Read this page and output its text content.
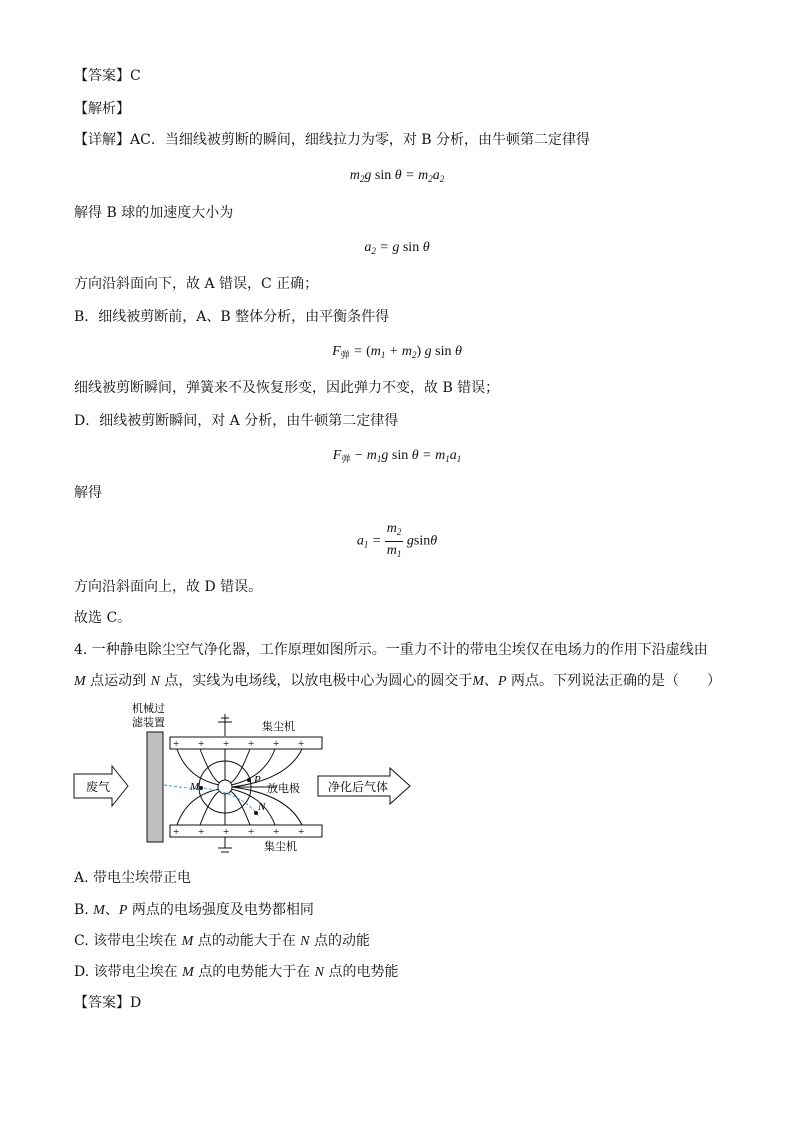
【答案】C
【解析】
【详解】AC．当细线被剪断的瞬间，细线拉力为零，对 B 分析，由牛顿第二定律得
$m_2g$ $\sin \theta = m_2a_2$
解得 B 球的加速度大小为
$a_2 = g$ sin θ
方向沿斜面向下，故 A 错误，C 正确；
B．细线被剪断前，A、B 整体分析，由平衡条件得
$F_弹 = (m_1 + m_2)$ g sin θ
细线被剪断瞬间，弹簧来不及恢复形变，因此弹力不变，故 B 错误；
D．细线被剪断瞬间，对 A 分析，由牛顿第二定律得
$F_弹 - m_1g$ $\sin \theta = m_1a_1$
解得
$a_1 = \frac{m_2}{m_1}$ gsinθ
方向沿斜面向上，故 D 错误。
故选 C。
4. 一种静电除尘空气净化器，工作原理如图所示。一重力不计的带电尘埃仅在电场力的作用下沿虚线由
M 点运动到 N 点，实线为电场线，以放电极中心为圆心的圆交于M、P 两点。下列说法正确的是（　　）
机械过
滤装置
废气
集尘机
+ + + + + +
+ + + + + +
集尘机
放电极
M
P
N
净化后气体
A. 带电尘埃带正电
B. M、P 两点的电场强度及电势都相同
C. 该带电尘埃在 M 点的动能大于在 N 点的动能
D. 该带电尘埃在 M 点的电势能大于在 N 点的电势能
【答案】D
